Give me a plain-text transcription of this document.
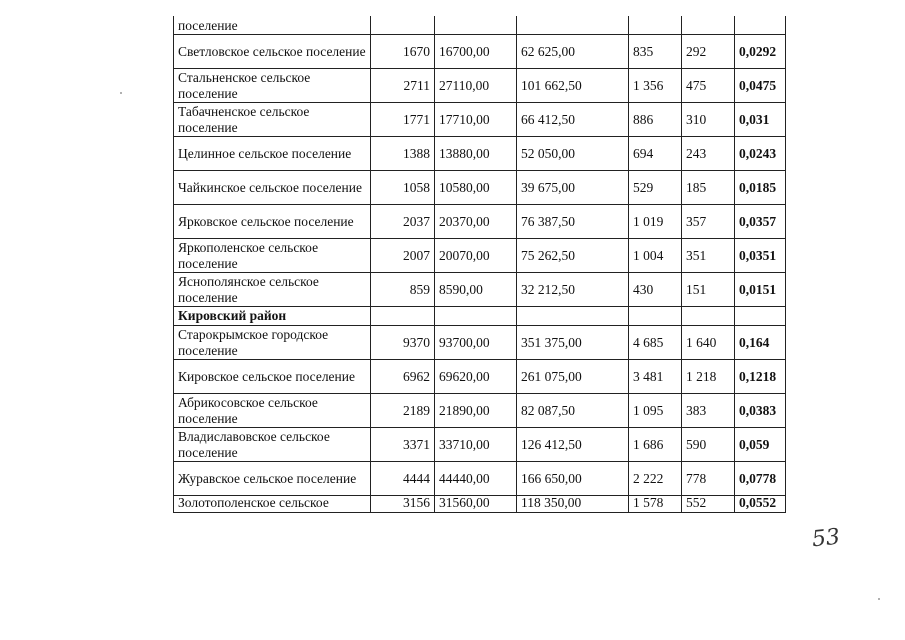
поселение						
Светловское сельское поселение	1670	16700,00	62 625,00	835	292	0,0292
Стальненское сельское поселение	2711	27110,00	101 662,50	1 356	475	0,0475
Табачненское сельское поселение	1771	17710,00	66 412,50	886	310	0,031
Целинное сельское поселение	1388	13880,00	52 050,00	694	243	0,0243
Чайкинское сельское поселение	1058	10580,00	39 675,00	529	185	0,0185
Ярковское сельское поселение	2037	20370,00	76 387,50	1 019	357	0,0357
Яркополенское сельское поселение	2007	20070,00	75 262,50	1 004	351	0,0351
Яснополянское сельское поселение	859	8590,00	32 212,50	430	151	0,0151
Кировский район						
Старокрымское городское поселение	9370	93700,00	351 375,00	4 685	1 640	0,164
Кировское сельское поселение	6962	69620,00	261 075,00	3 481	1 218	0,1218
Абрикосовское сельское поселение	2189	21890,00	82 087,50	1 095	383	0,0383
Владиславовское сельское поселение	3371	33710,00	126 412,50	1 686	590	0,059
Журавское сельское поселение	4444	44440,00	166 650,00	2 222	778	0,0778
Золотополенское сельское	3156	31560,00	118 350,00	1 578	552	0,0552
53
